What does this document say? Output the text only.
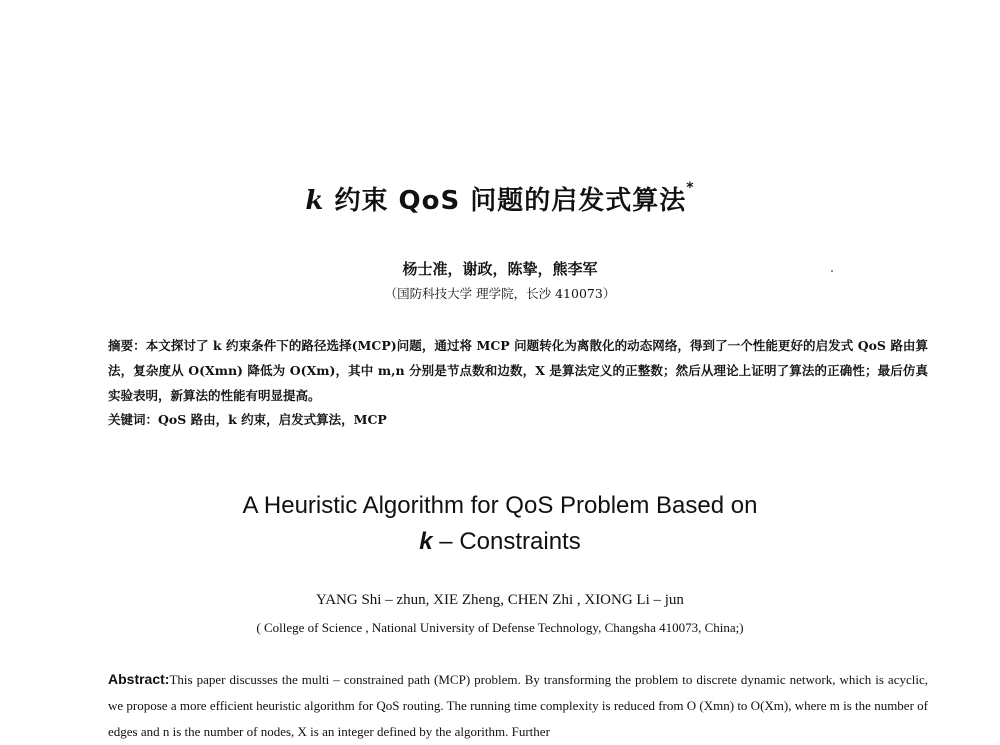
k 约束 QoS 问题的启发式算法*
杨士准，谢政，陈挚，熊李军
（国防科技大学 理学院，长沙 410073）
摘要：本文探讨了 k 约束条件下的路径选择(MCP)问题，通过将 MCP 问题转化为离散化的动态网络，得到了一个性能更好的启发式 QoS 路由算法，复杂度从 O(Xmn) 降低为 O(Xm)，其中 m,n 分别是节点数和边数，X 是算法定义的正整数；然后从理论上证明了算法的正确性；最后仿真实验表明，新算法的性能有明显提高。
关键词：QoS 路由，k 约束，启发式算法，MCP
A Heuristic Algorithm for QoS Problem Based on
k – Constraints
YANG Shi – zhun, XIE Zheng, CHEN Zhi , XIONG Li – jun
( College of Science , National University of Defense Technology, Changsha 410073, China;)
Abstract:This paper discusses the multi – constrained path (MCP) problem. By transforming the problem to discrete dynamic network, which is acyclic, we propose a more efficient heuristic algorithm for QoS routing. The running time complexity is reduced from O (Xmn) to O(Xm), where m is the number of edges and n is the number of nodes, X is an integer defined by the algorithm. Further
